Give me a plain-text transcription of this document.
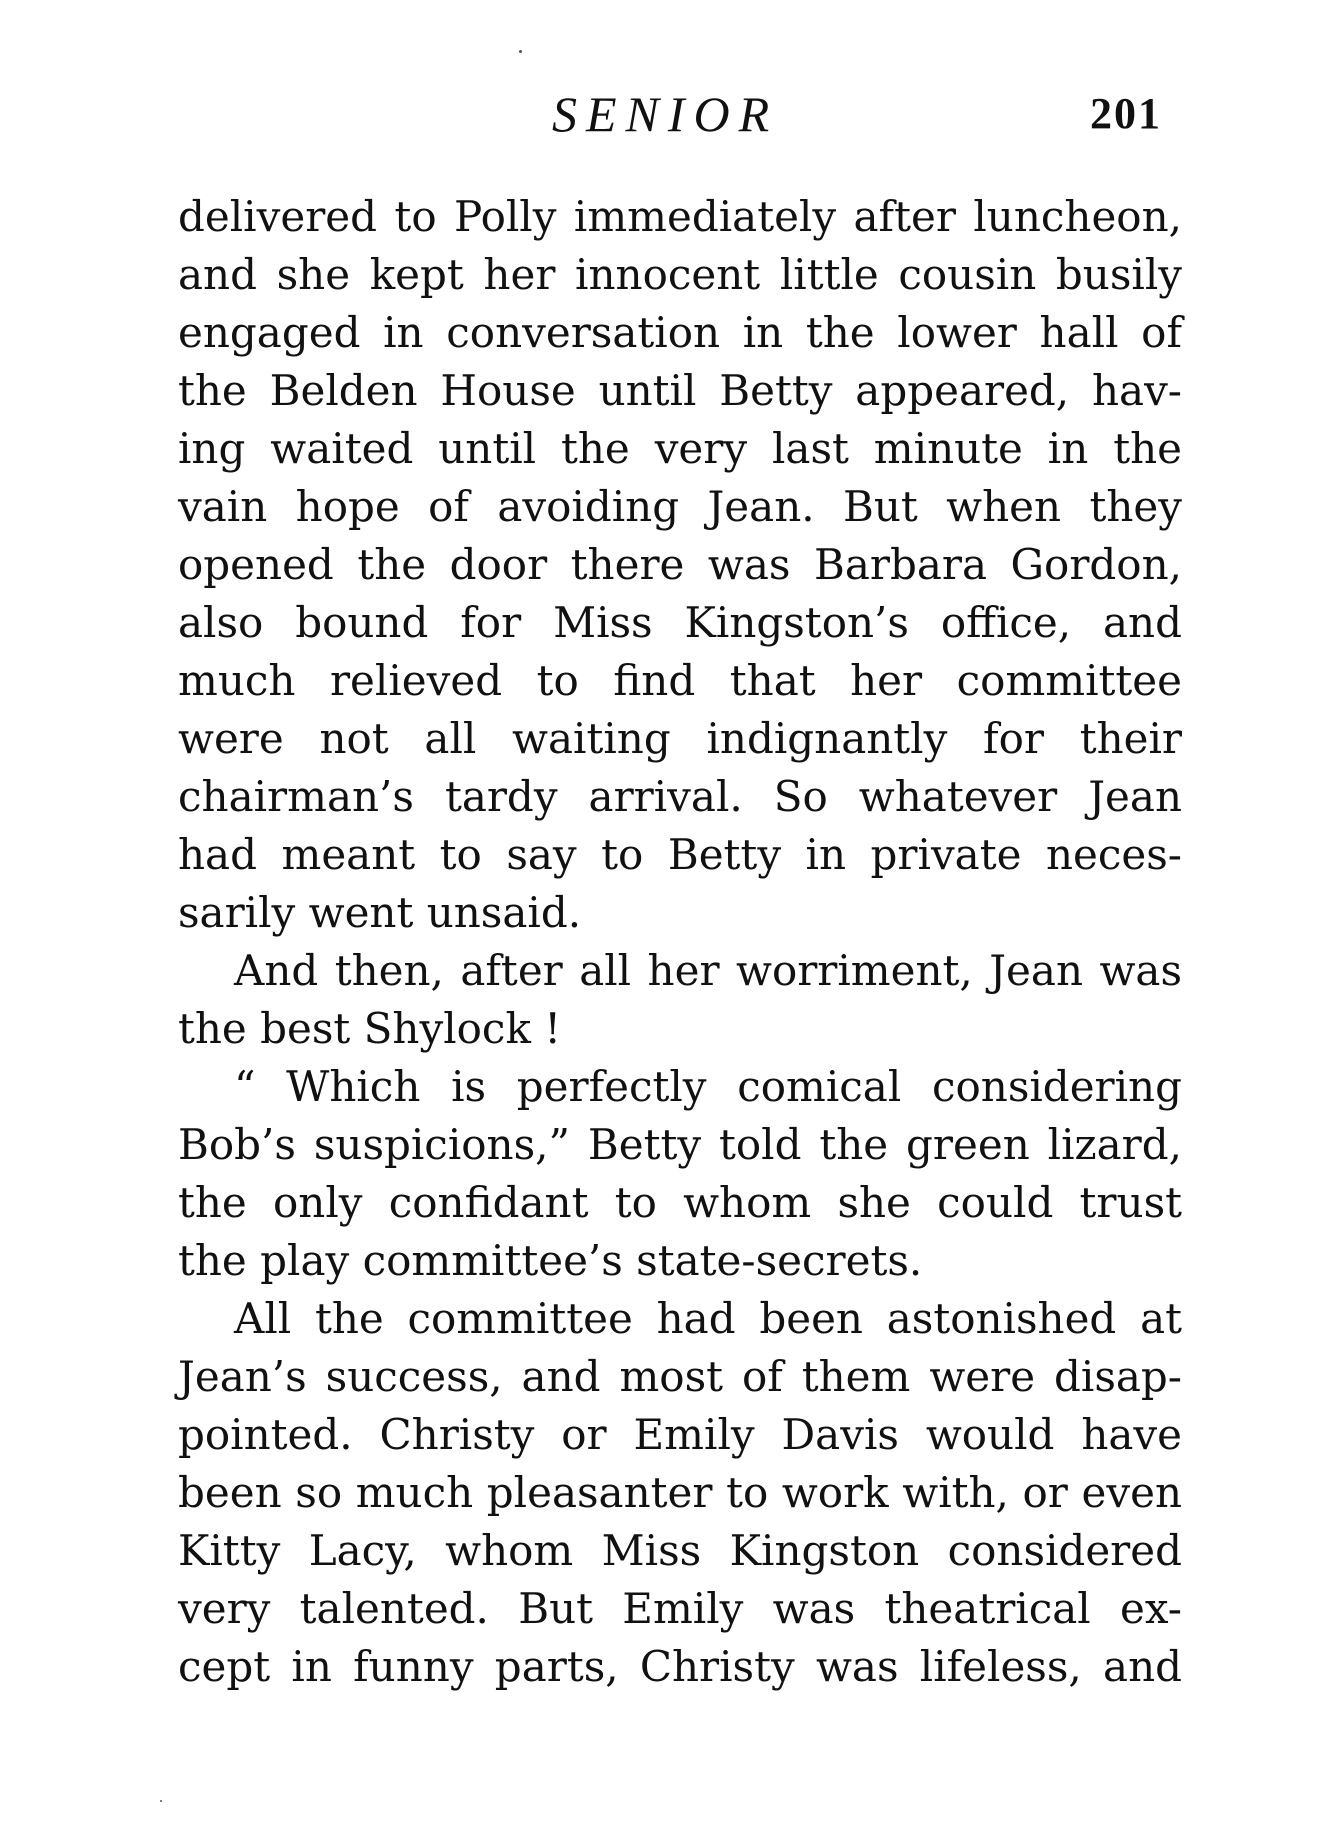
SENIOR	201
delivered to Polly immediately after luncheon,
and she kept her innocent little cousin busily
engaged in conversation in the lower hall of
the Belden House until Betty appeared, hav-
ing waited until the very last minute in the
vain hope of avoiding Jean. But when they
opened the door there was Barbara Gordon,
also bound for Miss Kingston’s office, and
much relieved to find that her committee
were not all waiting indignantly for their
chairman’s tardy arrival. So whatever Jean
had meant to say to Betty in private neces-
sarily went unsaid.
And then, after all her worriment, Jean was
the best Shylock !
“ Which is perfectly comical considering
Bob’s suspicions,” Betty told the green lizard,
the only confidant to whom she could trust
the play committee’s state-secrets.
All the committee had been astonished at
Jean’s success, and most of them were disap-
pointed. Christy or Emily Davis would have
been so much pleasanter to work with, or even
Kitty Lacy, whom Miss Kingston considered
very talented. But Emily was theatrical ex-
cept in funny parts, Christy was lifeless, and
